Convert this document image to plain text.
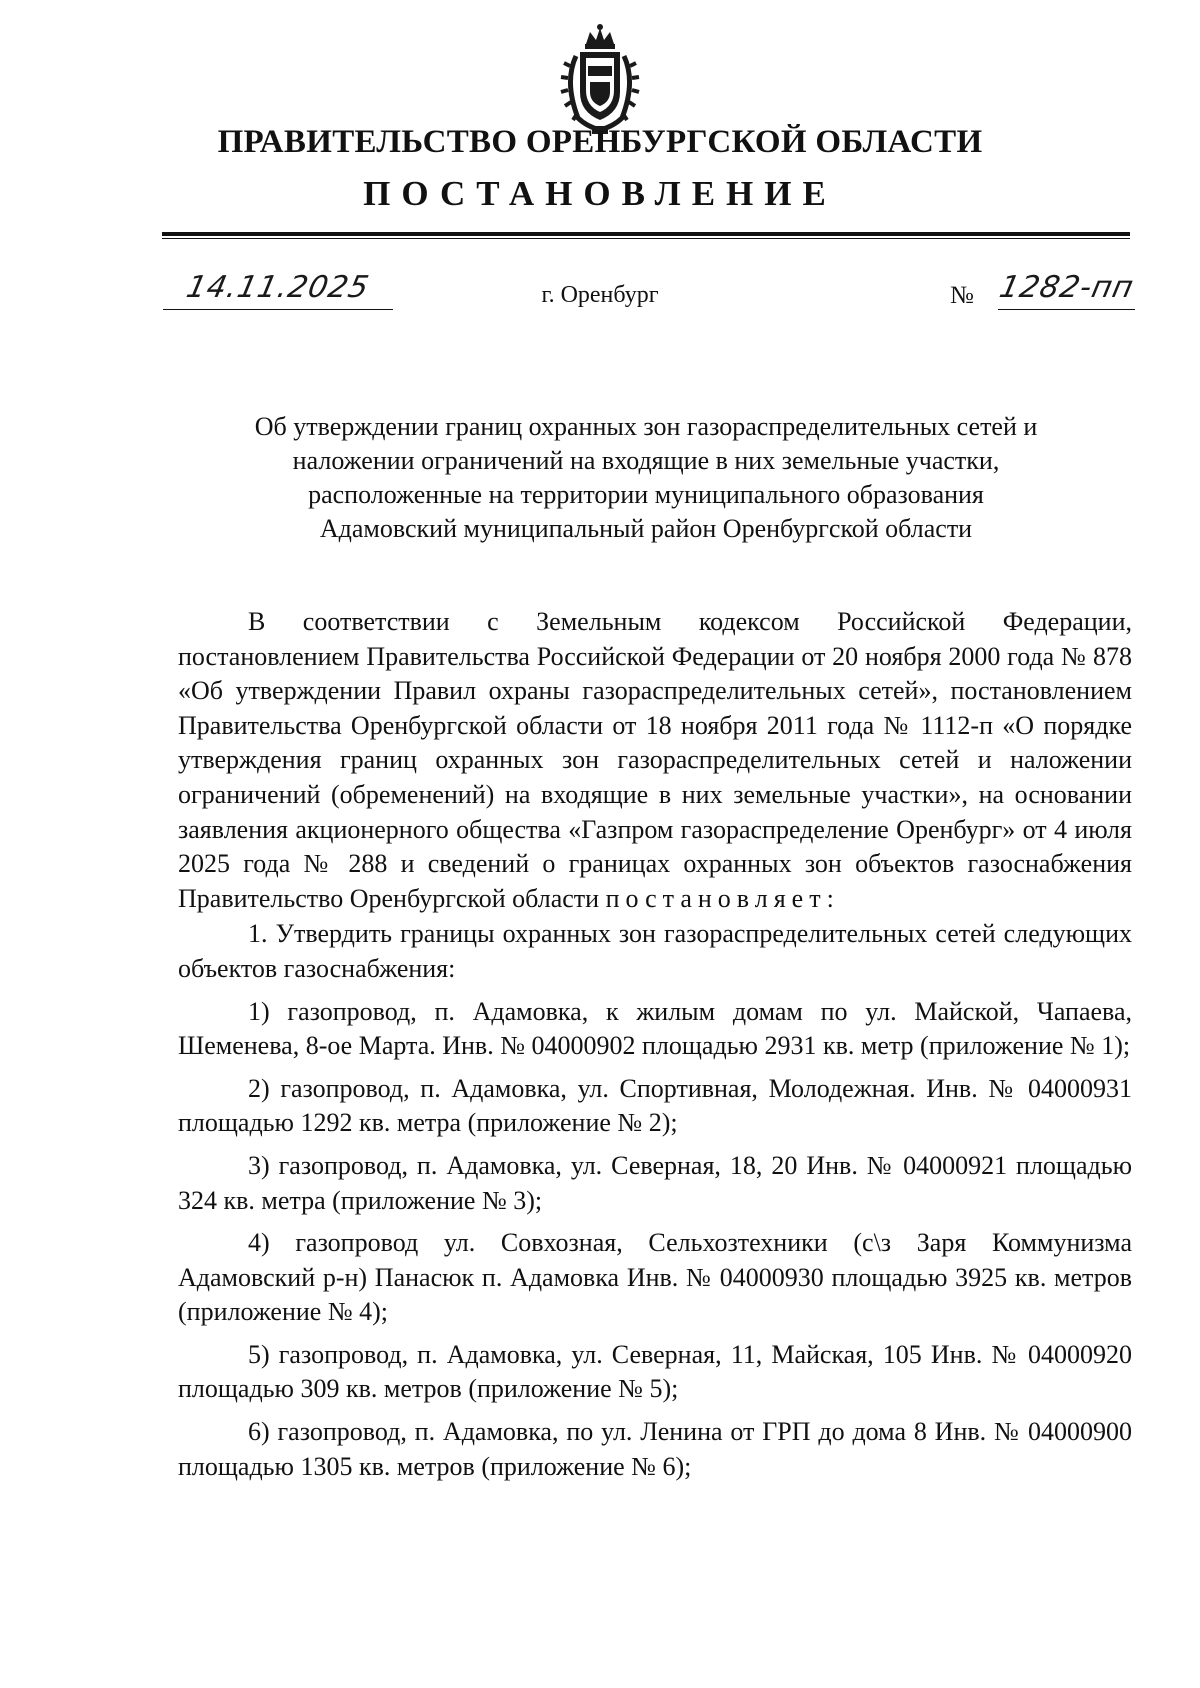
ПРАВИТЕЛЬСТВО ОРЕНБУРГСКОЙ ОБЛАСТИ
ПОСТАНОВЛЕНИЕ
14.11.2025	г. Оренбург	№ 1282-пп
Об утверждении границ охранных зон газораспределительных сетей и
наложении ограничений на входящие в них земельные участки,
расположенные на территории муниципального образования
Адамовский муниципальный район Оренбургской области

В соответствии с Земельным кодексом Российской Федерации, постановлением Правительства Российской Федерации от 20 ноября 2000 года № 878 «Об утверждении Правил охраны газораспределительных сетей», постановлением Правительства Оренбургской области от 18 ноября 2011 года № 1112-п «О порядке утверждения границ охранных зон газораспределительных сетей и наложении ограничений (обременений) на входящие в них земельные участки», на основании заявления акционерного общества «Газпром газораспределение Оренбург» от 4 июля 2025 года № 288 и сведений о границах охранных зон объектов газоснабжения Правительство Оренбургской области постановляет:

1. Утвердить границы охранных зон газораспределительных сетей следующих объектов газоснабжения:

1) газопровод, п. Адамовка, к жилым домам по ул. Майской, Чапаева, Шеменева, 8-ое Марта. Инв. № 04000902 площадью 2931 кв. метр (приложение № 1);

2) газопровод, п. Адамовка, ул. Спортивная, Молодежная. Инв. № 04000931 площадью 1292 кв. метра (приложение № 2);

3) газопровод, п. Адамовка, ул. Северная, 18, 20 Инв. № 04000921 площадью 324 кв. метра (приложение № 3);

4) газопровод ул. Совхозная, Сельхозтехники (с\з Заря Коммунизма Адамовский р-н) Панасюк п. Адамовка Инв. № 04000930 площадью 3925 кв. метров (приложение № 4);

5) газопровод, п. Адамовка, ул. Северная, 11, Майская, 105 Инв. № 04000920 площадью 309 кв. метров (приложение № 5);

6) газопровод, п. Адамовка, по ул. Ленина от ГРП до дома 8 Инв. № 04000900 площадью 1305 кв. метров (приложение № 6);
